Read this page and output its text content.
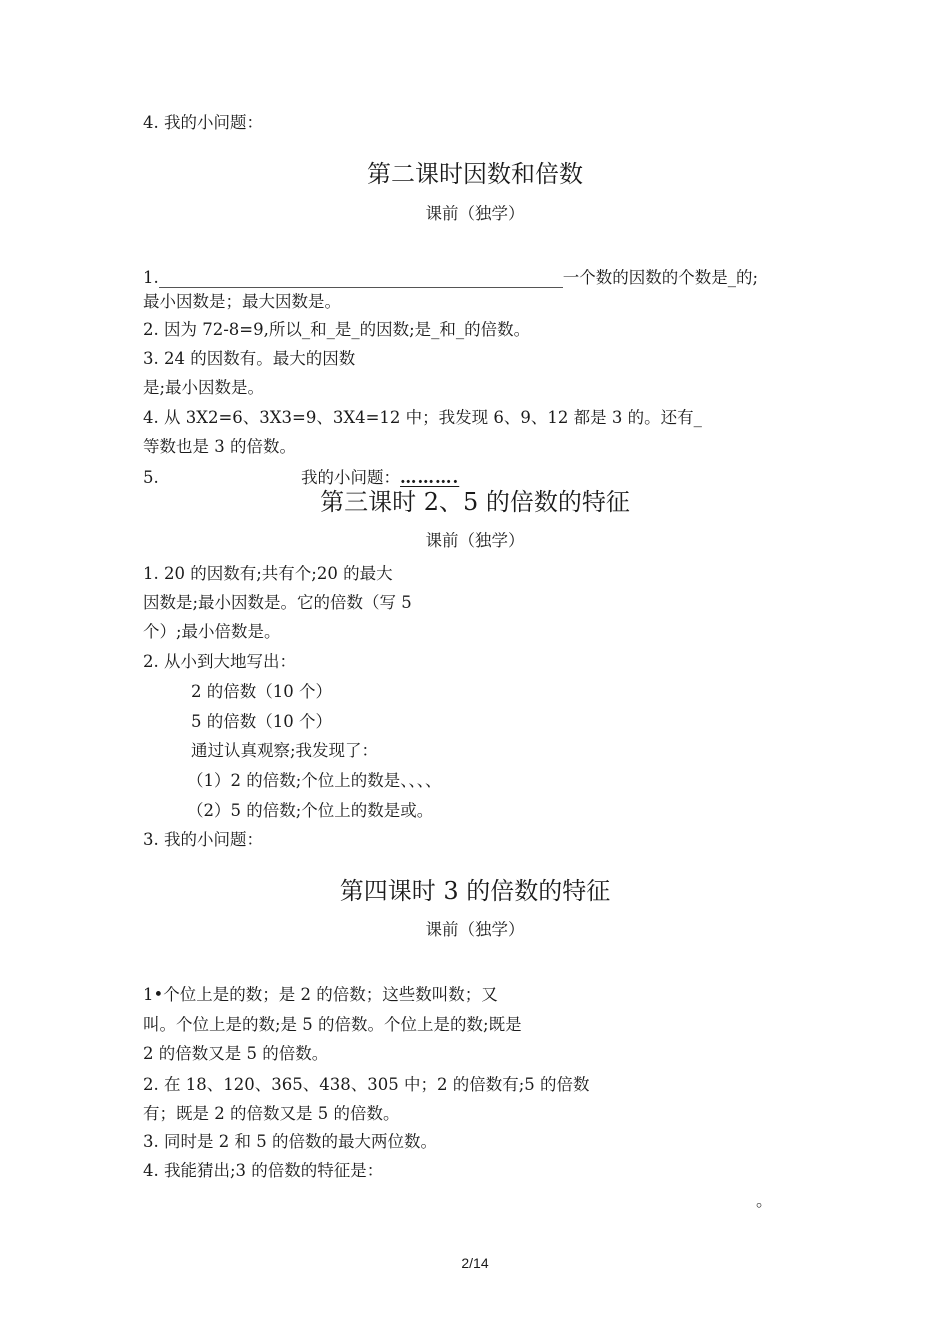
4. 我的小问题：
第二课时因数和倍数
课前（独学）
1.	一个数的因数的个数是_的;
最小因数是；最大因数是。
2. 因为 72-8=9,所以_和_是_的因数;是_和_的倍数。
3. 24 的因数有。最大的因数
是;最小因数是。
4. 从 3X2=6、3X3=9、3X4=12 中；我发现 6、9、12 都是 3 的。还有_
等数也是 3 的倍数。
5.	我的小问题：……….
第三课时 2、5 的倍数的特征
课前（独学）
1. 20 的因数有;共有个;20 的最大
因数是;最小因数是。它的倍数（写 5
个）;最小倍数是。
2. 从小到大地写出：
2 的倍数（10 个）
5 的倍数（10 个）
通过认真观察;我发现了：
（1）2 的倍数;个位上的数是、、、、
（2）5 的倍数;个位上的数是或。
3. 我的小问题：
第四课时 3 的倍数的特征
课前（独学）
1•个位上是的数；是 2 的倍数；这些数叫数；又
叫。个位上是的数;是 5 的倍数。个位上是的数;既是
2 的倍数又是 5 的倍数。
2. 在 18、120、365、438、305 中；2 的倍数有;5 的倍数
有；既是 2 的倍数又是 5 的倍数。
3. 同时是 2 和 5 的倍数的最大两位数。
4. 我能猜出;3 的倍数的特征是：
。
2/14
